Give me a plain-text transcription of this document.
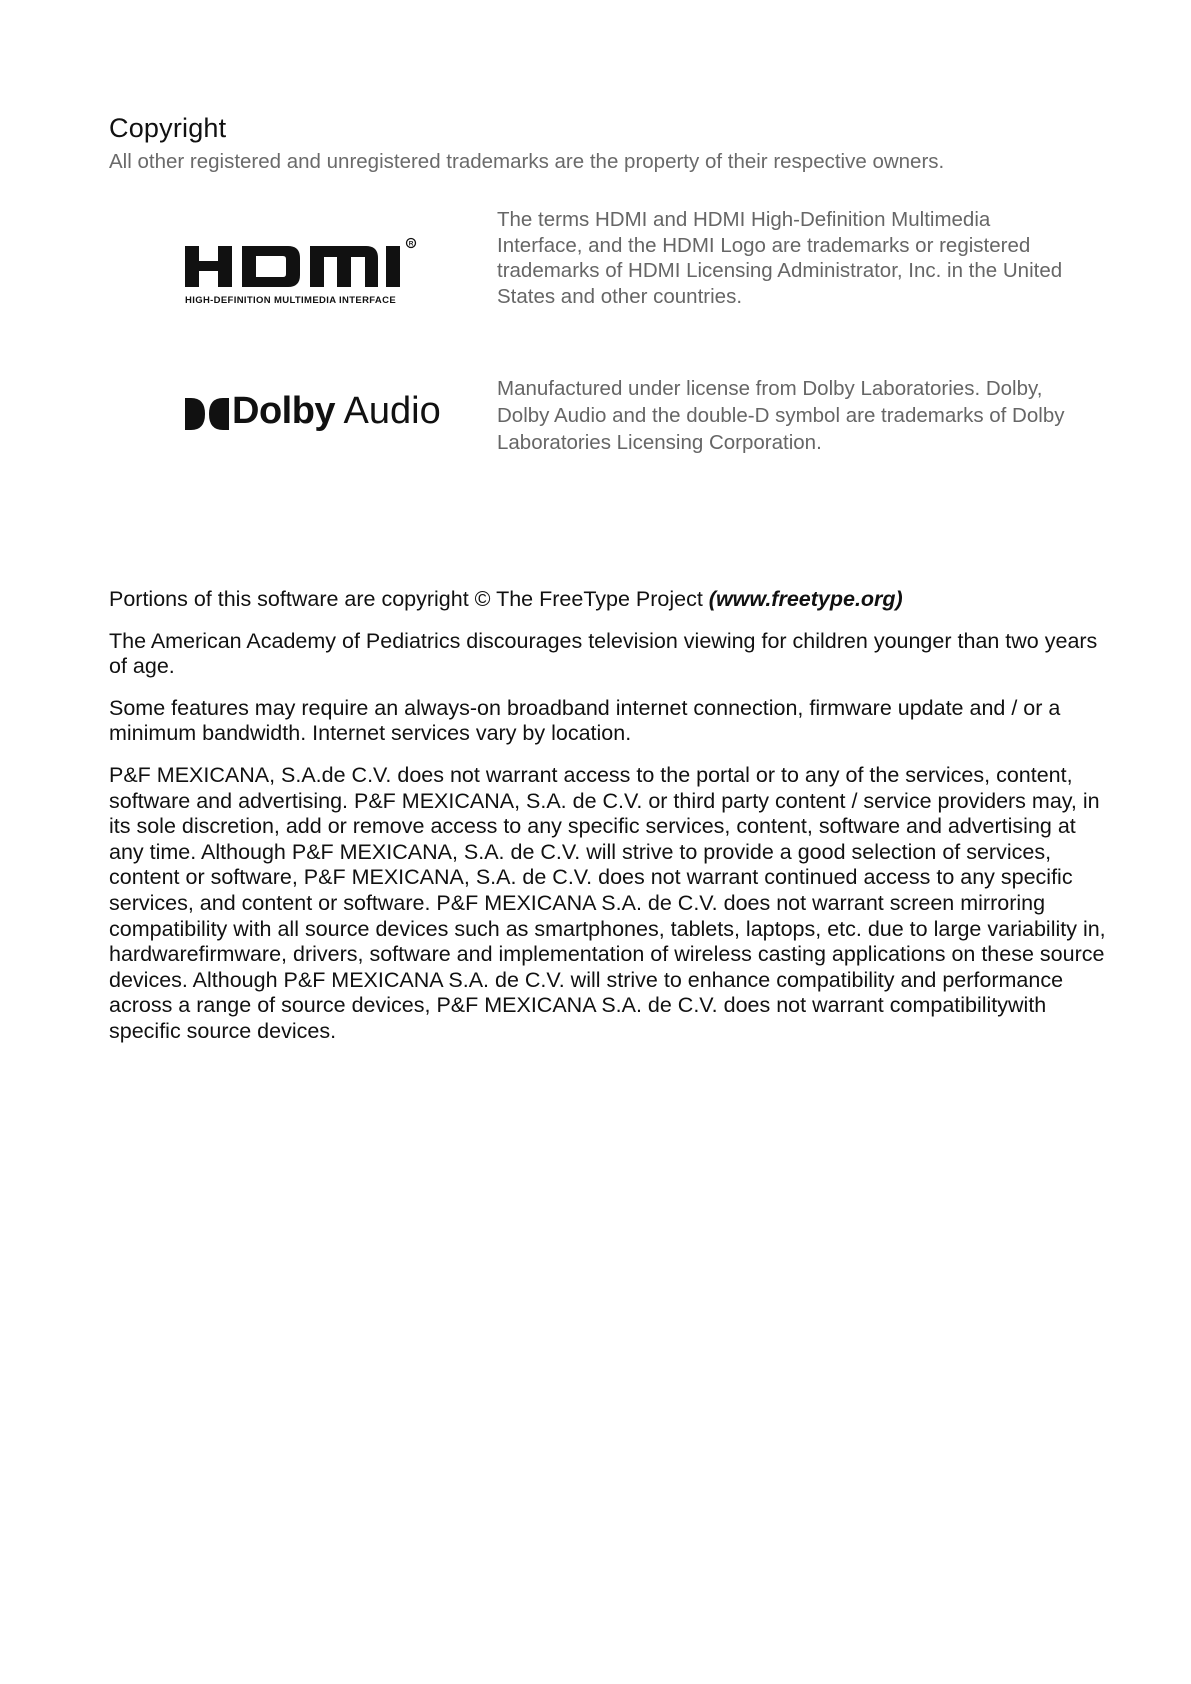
Copyright

All other registered and unregistered trademarks are the property of their respective owners.

R
HIGH-DEFINITION MULTIMEDIA INTERFACE

The terms HDMI and HDMI High-Definition Multimedia Interface, and the HDMI Logo are trademarks or registered trademarks of HDMI Licensing Administrator, Inc. in the United States and other countries.

Dolby Audio

Manufactured under license from Dolby Laboratories. Dolby, Dolby Audio and the double-D symbol are trademarks of Dolby Laboratories Licensing Corporation.

Portions of this software are copyright © The FreeType Project (www.freetype.org)

The American Academy of Pediatrics discourages television viewing for children younger than two years of age.

Some features may require an always-on broadband internet connection, firmware update and / or a minimum bandwidth. Internet services vary by location.

P&F MEXICANA, S.A.de C.V. does not warrant access to the portal or to any of the services, content, software and advertising. P&F MEXICANA, S.A. de C.V. or third party content / service providers may, in its sole discretion, add or remove access to any specific services, content, software and advertising at any time. Although P&F MEXICANA, S.A. de C.V. will strive to provide a good selection of services, content or software, P&F MEXICANA, S.A. de C.V. does not warrant continued access to any specific services, and content or software. P&F MEXICANA S.A. de C.V. does not warrant screen mirroring compatibility with all source devices such as smartphones, tablets, laptops, etc. due to large variability in, hardwarefirmware, drivers, software and implementation of wireless casting applications on these source devices. Although P&F MEXICANA S.A. de C.V. will strive to enhance compatibility and performance across a range of source devices, P&F MEXICANA S.A. de C.V. does not warrant compatibilitywith specific source devices.
